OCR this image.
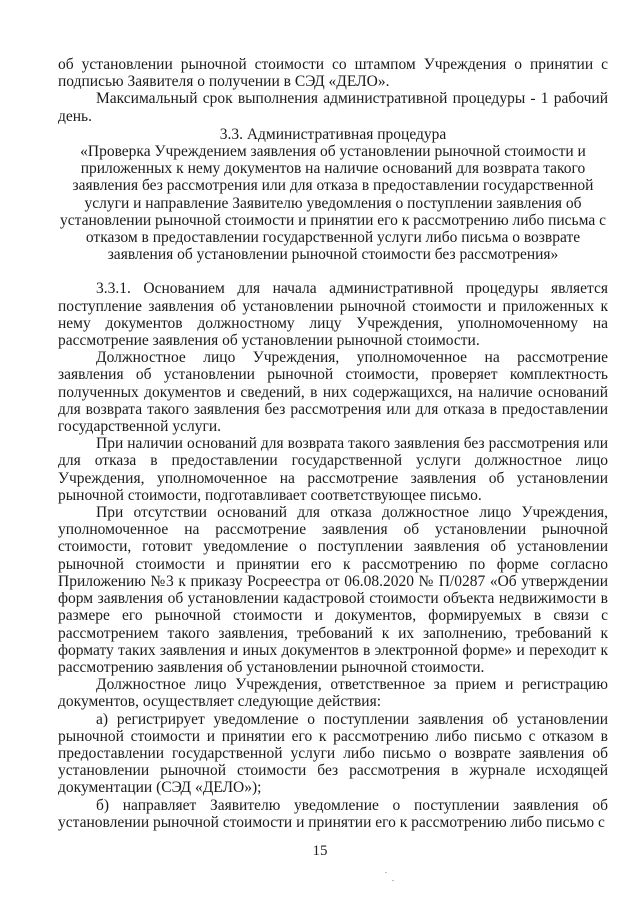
об установлении рыночной стоимости со штампом Учреждения о принятии с подписью Заявителя о получении в СЭД «ДЕЛО».

Максимальный срок выполнения административной процедуры - 1 рабочий день.

3.3. Административная процедура

«Проверка Учреждением заявления об установлении рыночной стоимости и приложенных к нему документов на наличие оснований для возврата такого заявления без рассмотрения или для отказа в предоставлении государственной услуги и направление Заявителю уведомления о поступлении заявления об установлении рыночной стоимости и принятии его к рассмотрению либо письма с отказом в предоставлении государственной услуги либо письма о возврате заявления об установлении рыночной стоимости без рассмотрения»

3.3.1. Основанием для начала административной процедуры является поступление заявления об установлении рыночной стоимости и приложенных к нему документов должностному лицу Учреждения, уполномоченному на рассмотрение заявления об установлении рыночной стоимости.

Должностное лицо Учреждения, уполномоченное на рассмотрение заявления об установлении рыночной стоимости, проверяет комплектность полученных документов и сведений, в них содержащихся, на наличие оснований для возврата такого заявления без рассмотрения или для отказа в предоставлении государственной услуги.

При наличии оснований для возврата такого заявления без рассмотрения или для отказа в предоставлении государственной услуги должностное лицо Учреждения, уполномоченное на рассмотрение заявления об установлении рыночной стоимости, подготавливает соответствующее письмо.

При отсутствии оснований для отказа должностное лицо Учреждения, уполномоченное на рассмотрение заявления об установлении рыночной стоимости, готовит уведомление о поступлении заявления об установлении рыночной стоимости и принятии его к рассмотрению по форме согласно Приложению №3 к приказу Росреестра от 06.08.2020 № П/0287 «Об утверждении форм заявления об установлении кадастровой стоимости объекта недвижимости в размере его рыночной стоимости и документов, формируемых в связи с рассмотрением такого заявления, требований к их заполнению, требований к формату таких заявления и иных документов в электронной форме» и переходит к рассмотрению заявления об установлении рыночной стоимости.

Должностное лицо Учреждения, ответственное за прием и регистрацию документов, осуществляет следующие действия:

а) регистрирует уведомление о поступлении заявления об установлении рыночной стоимости и принятии его к рассмотрению либо письмо с отказом в предоставлении государственной услуги либо письмо о возврате заявления об установлении рыночной стоимости без рассмотрения в журнале исходящей документации (СЭД «ДЕЛО»);

б) направляет Заявителю уведомление о поступлении заявления об установлении рыночной стоимости и принятии его к рассмотрению либо письмо с

15
